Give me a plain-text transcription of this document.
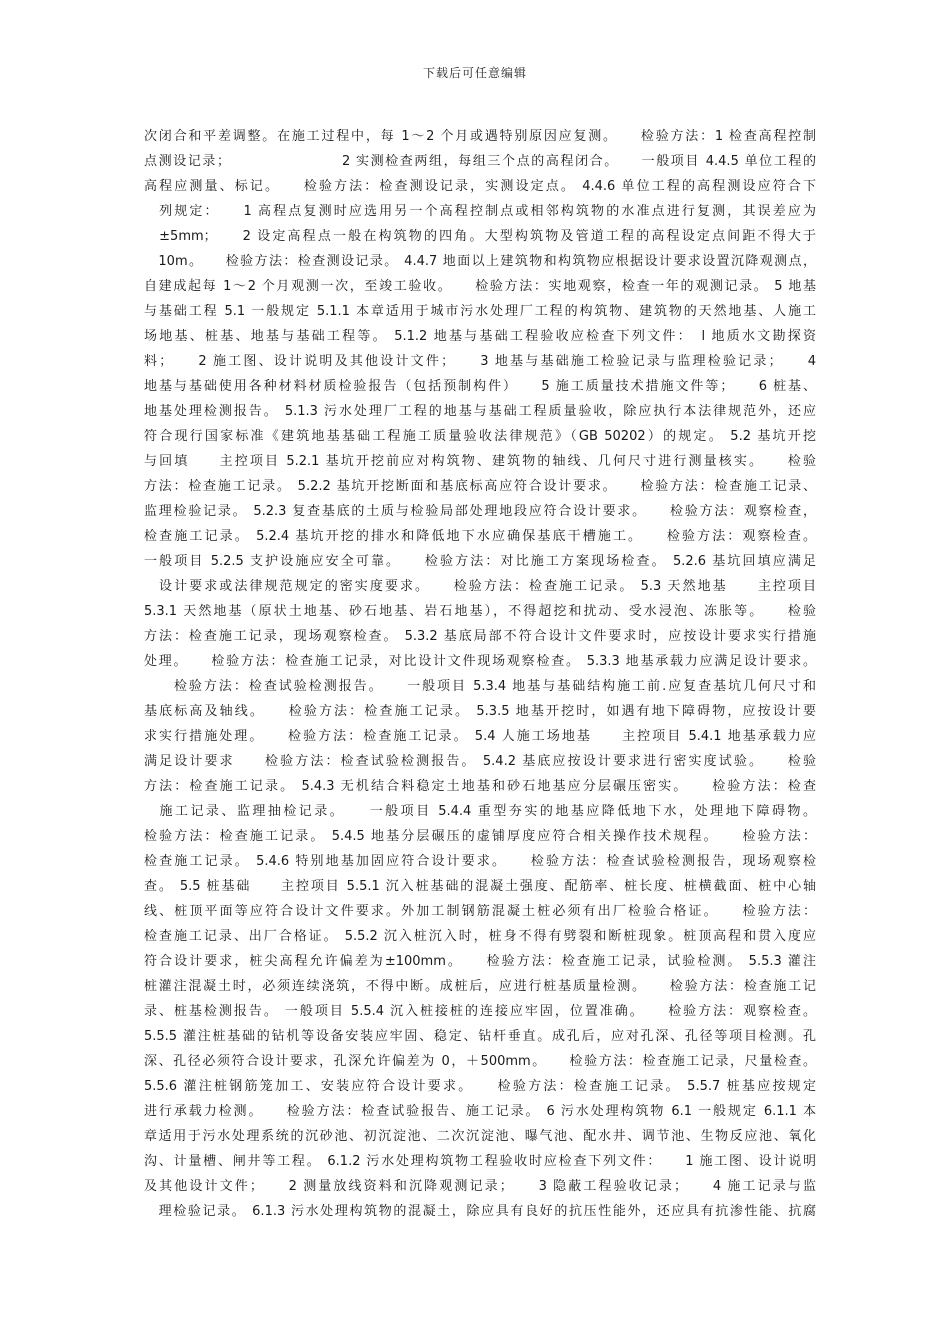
下载后可任意编辑
次闭合和平差调整。在施工过程中，每 1～2 个月或遇特别原因应复测。　　检验方法：1 检查高程控制
点测设记录；　　　　　　　　2 实测检查两组，每组三个点的高程闭合。　　一般项目 4.4.5 单位工程的
高程应测量、标记。　　检验方法：检查测设记录，实测设定点。 4.4.6 单位工程的高程测设应符合下
　列规定：　　1 高程点复测时应选用另一个高程控制点或相邻构筑物的水准点进行复测，其误差应为
　±5mm；　　2 设定高程点一般在构筑物的四角。大型构筑物及管道工程的高程设定点间距不得大于
　10m。　　检验方法：检查测设记录。 4.4.7 地面以上建筑物和构筑物应根据设计要求设置沉降观测点，
自建成起每 1～2 个月观测一次，至竣工验收。　　检验方法：实地观察，检查一年的观测记录。 5 地基
与基础工程 5.1 一般规定 5.1.1 本章适用于城市污水处理厂工程的构筑物、建筑物的天然地基、人施工
场地基、桩基、地基与基础工程等。 5.1.2 地基与基础工程验收应检查下列文件：　l 地质水文勘探资
料；　　2 施工图、设计说明及其他设计文件；　　3 地基与基础施工检验记录与监理检验记录；　　4
地基与基础使用各种材料材质检验报告（包括预制构件）　　5 施工质量技术措施文件等；　　6 桩基、
地基处理检测报告。 5.1.3 污水处理厂工程的地基与基础工程质量验收，除应执行本法律规范外，还应
符合现行国家标准《建筑地基基础工程施工质量验收法律规范》（GB 50202）的规定。 5.2 基坑开挖
与回填　　主控项目 5.2.1 基坑开挖前应对构筑物、建筑物的轴线、几何尺寸进行测量核实。　　检验
方法：检查施工记录。 5.2.2 基坑开挖断面和基底标高应符合设计要求。　　检验方法：检查施工记录、
监理检验记录。 5.2.3 复查基底的土质与检验局部处理地段应符合设计要求。　　检验方法：观察检查，
检查施工记录。 5.2.4 基坑开挖的排水和降低地下水应确保基底干槽施工。　　检验方法：观察检查。
一般项目 5.2.5 支护设施应安全可靠。　　检验方法：对比施工方案现场检查。 5.2.6 基坑回填应满足
　设计要求或法律规范规定的密实度要求。　　检验方法：检查施工记录。 5.3 天然地基　　主控项目
5.3.1 天然地基（原状土地基、砂石地基、岩石地基），不得超挖和扰动、受水浸泡、冻胀等。　　检验
方法：检查施工记录，现场观察检查。 5.3.2 基底局部不符合设计文件要求时，应按设计要求实行措施
处理。　　检验方法：检查施工记录，对比设计文件现场观察检查。 5.3.3 地基承载力应满足设计要求。
　　检验方法：检查试验检测报告。　　一般项目 5.3.4 地基与基础结构施工前.应复查基坑几何尺寸和
基底标高及轴线。　　检验方法：检查施工记录。 5.3.5 地基开挖时，如遇有地下障碍物，应按设计要
求实行措施处理。　　检验方法：检查施工记录。 5.4 人施工场地基　　主控项目 5.4.1 地基承载力应
满足设计要求　　检验方法：检查试验检测报告。 5.4.2 基底应按设计要求进行密实度试验。　　检验
方法：检查施工记录。 5.4.3 无机结合料稳定土地基和砂石地基应分层碾压密实。　　检验方法：检查
　施工记录、监理抽检记录。　　一般项目 5.4.4 重型夯实的地基应降低地下水，处理地下障碍物。
检验方法：检查施工记录。 5.4.5 地基分层碾压的虚铺厚度应符合相关操作技术规程。　　检验方法：
检查施工记录。 5.4.6 特别地基加固应符合设计要求。　　检验方法：检查试验检测报告，现场观察检
查。 5.5 桩基础　　主控项目 5.5.1 沉入桩基础的混凝土强度、配筋率、桩长度、桩横截面、桩中心轴
线、桩顶平面等应符合设计文件要求。外加工制钢筋混凝土桩必须有出厂检验合格证。　　检验方法：
检查施工记录、出厂合格证。 5.5.2 沉入桩沉入时，桩身不得有劈裂和断桩现象。桩顶高程和贯入度应
符合设计要求，桩尖高程允许偏差为±100mm。　　检验方法：检查施工记录，试验检测。 5.5.3 灌注
桩灌注混凝土时，必须连续浇筑，不得中断。成桩后，应进行桩基质量检测。　　检验方法：检查施工记
录、桩基检测报告。 一般项目 5.5.4 沉入桩接桩的连接应牢固，位置准确。　　检验方法：观察检查。
5.5.5 灌注桩基础的钻机等设备安装应牢固、稳定、钻杆垂直。成孔后，应对孔深、孔径等项目检测。孔
深、孔径必须符合设计要求，孔深允许偏差为 0，＋500mm。　　检验方法：检查施工记录，尺量检查。
5.5.6 灌注桩钢筋笼加工、安装应符合设计要求。　　检验方法：检查施工记录。 5.5.7 桩基应按规定
进行承载力检测。　　检验方法：检查试验报告、施工记录。 6 污水处理构筑物 6.1 一般规定 6.1.1 本
章适用于污水处理系统的沉砂池、初沉淀池、二次沉淀池、曝气池、配水井、调节池、生物反应池、氧化
沟、计量槽、闸井等工程。 6.1.2 污水处理构筑物工程验收时应检查下列文件：　　1 施工图、设计说明
及其他设计文件；　　2 测量放线资料和沉降观测记录；　　3 隐蔽工程验收记录；　　4 施工记录与监
　理检验记录。 6.1.3 污水处理构筑物的混凝土，除应具有良好的抗压性能外，还应具有抗渗性能、抗腐
